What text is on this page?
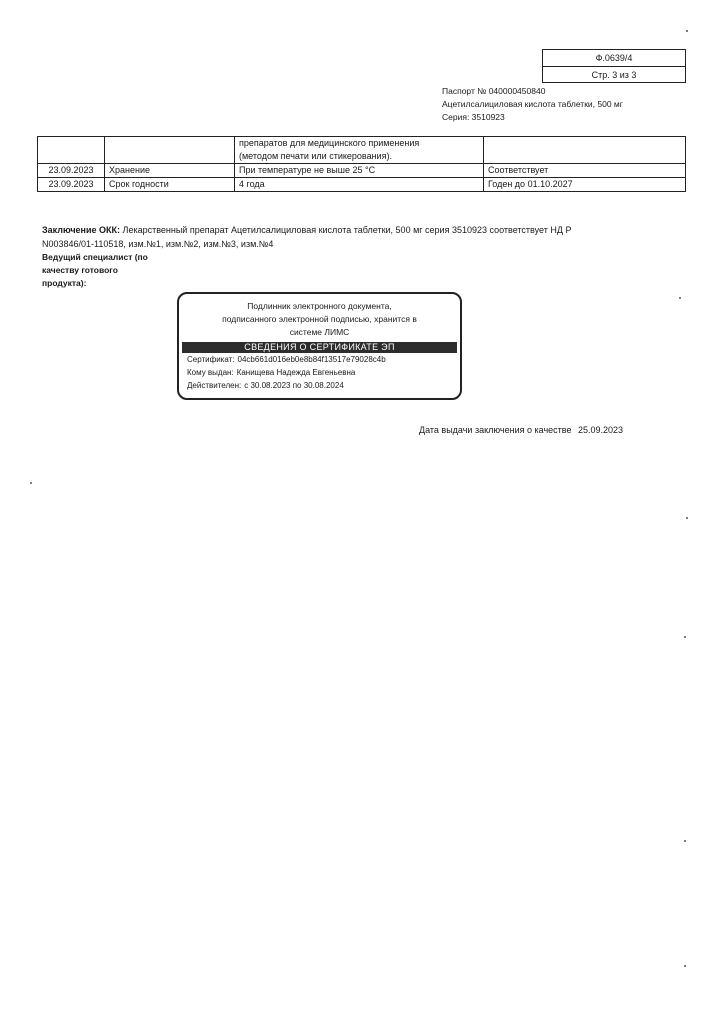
Ф.0639/4
Стр. 3 из 3
Паспорт № 040000450840
Ацетилсалициловая кислота таблетки, 500 мг
Серия: 3510923
		препаратов для медицинского применения	
		(методом печати или стикерования).	
23.09.2023	Хранение	При температуре не выше 25 °С	Соответствует
23.09.2023	Срок годности	4 года	Годен до 01.10.2027
Заключение ОКК: Лекарственный препарат Ацетилсалициловая кислота таблетки, 500 мг серия 3510923 соответствует НД Р N003846/01-110518, изм.№1, изм.№2, изм.№3, изм.№4
Ведущий специалист (по
качеству готового
продукта):
Подлинник электронного документа,
подписанного электронной подписью, хранится в
системе ЛИМС
СВЕДЕНИЯ О СЕРТИФИКАТЕ ЭП
Сертификат: 04cb661d016eb0e8b84f13517e79028c4b
Кому выдан: Канищева Надежда Евгеньевна
Действителен: с 30.08.2023 по 30.08.2024
Дата выдачи заключения о качестве 25.09.2023
